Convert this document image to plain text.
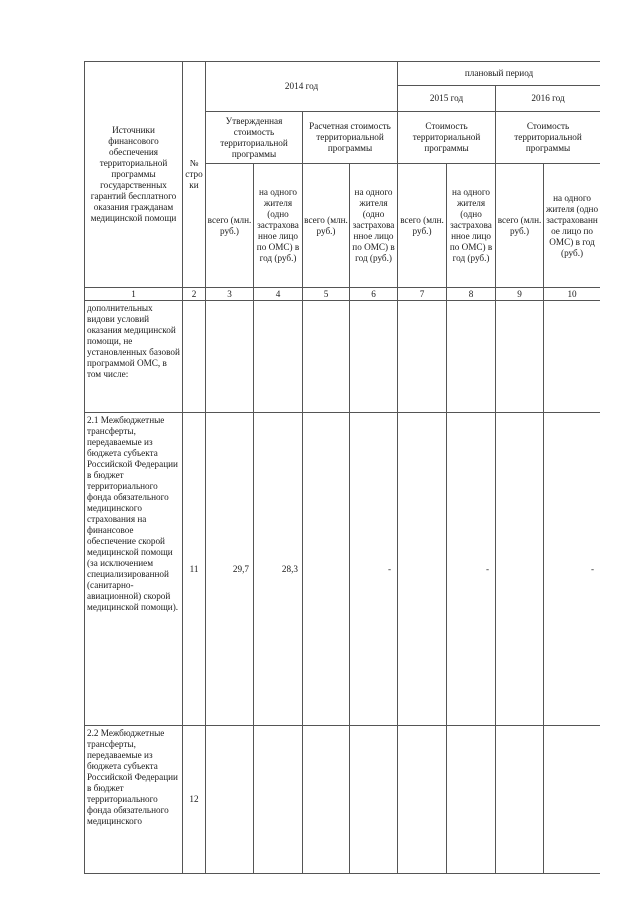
Источники финансового обеспечения территориальной программы государственных гарантий бесплатного оказания гражданам медицинской помощи	№ строки	2014 год				плановый период			
						2015 год		2016 год	
		Утвержденная стоимость территориальной программы		Расчетная стоимость территориальной программы		Стоимость территориальной программы		Стоимость территориальной программы	
		всего (млн. руб.)	на одного жителя (одно застрахованное лицо по ОМС) в год (руб.)	всего (млн. руб.)	на одного жителя (одно застрахованное лицо по ОМС) в год (руб.)	всего (млн. руб.)	на одного жителя (одно застрахованное лицо по ОМС) в год (руб.)	всего (млн. руб.)	на одного жителя (одно застрахованное лицо по ОМС) в год (руб.)

1	2	3	4	5	6	7	8	9	10
дополнительных видови условий оказания медицинской помощи, не установленных базовой программой ОМС, в том числе:									
2.1 Межбюджетные трансферты, передаваемые из бюджета субъекта Российской Федерации в бюджет территориального фонда обязательного медицинского страхования на финансовое обеспечение скорой медицинской помощи (за исключением специализированной (санитарно-авиационной) скорой медицинской помощи).	11	29,7	28,3		-		-		-
2.2 Межбюджетные трансферты, передаваемые из бюджета субъекта Российской Федерации в бюджет территориального фонда обязательного медицинского	12								
